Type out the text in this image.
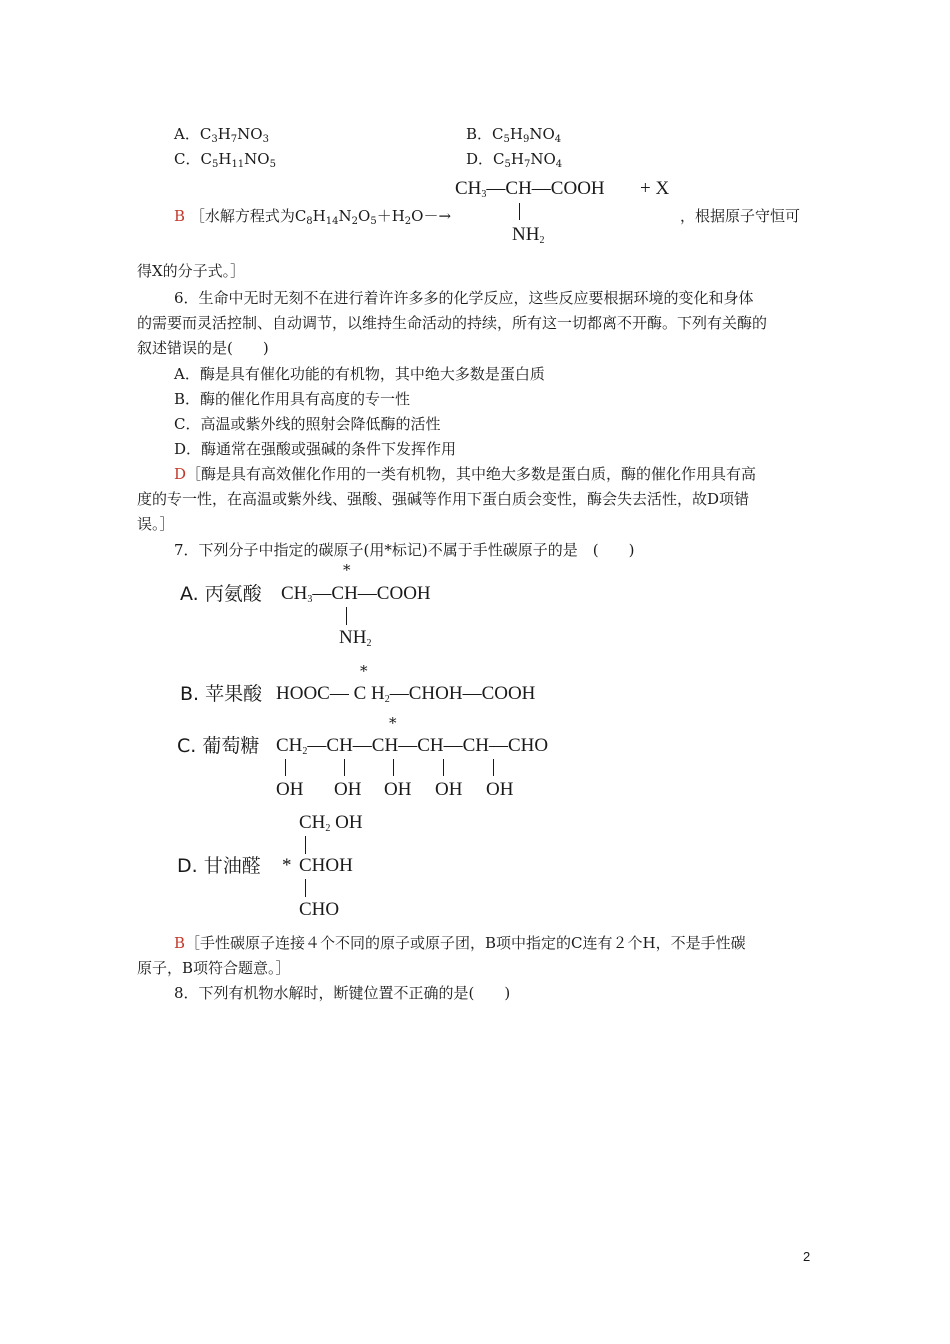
A．$C_3H_7NO_3$	B．$C_5H_9NO_4$
C．$C_5H_{11}NO_5$	D．$C_5H_7NO_4$
$CH_3—CH—COOH + X$
$NH_2$
B ［水解方程式为$C_8H_{14}N_2O_5+H_2O-\to$	，根据原子守恒可
得X的分子式。］
6．生命中无时无刻不在进行着许许多多的化学反应，这些反应要根据环境的变化和身体
的需要而灵活控制、自动调节，以维持生命活动的持续，所有这一切都离不开酶。下列有关酶的
叙述错误的是(　　)
A．酶是具有催化功能的有机物，其中绝大多数是蛋白质
B．酶的催化作用具有高度的专一性
C．高温或紫外线的照射会降低酶的活性
D．酶通常在强酸或强碱的条件下发挥作用
D［酶是具有高效催化作用的一类有机物，其中绝大多数是蛋白质，酶的催化作用具有高
度的专一性，在高温或紫外线、强酸、强碱等作用下蛋白质会变性，酶会失去活性，故D项错
误。］
7．下列分子中指定的碳原子(用*标记)不属于手性碳原子的是　(　　)
*
A. 丙氨酸 $CH_3—CH—COOH$
$NH_2$
*
B. 苹果酸 HOOC— C $H_2—CHOH—COOH$
*
C. 葡萄糖 $CH_2—CH—CH—CH—CH—CHO$
OH OH OH OH OH
$CH_2$ OH
D. 甘油醛 * CHOH
CHO
B［手性碳原子连接４个不同的原子或原子团，B项中指定的C连有２个H，不是手性碳
原子，B项符合题意。］
8．下列有机物水解时，断键位置不正确的是(　　)
2
